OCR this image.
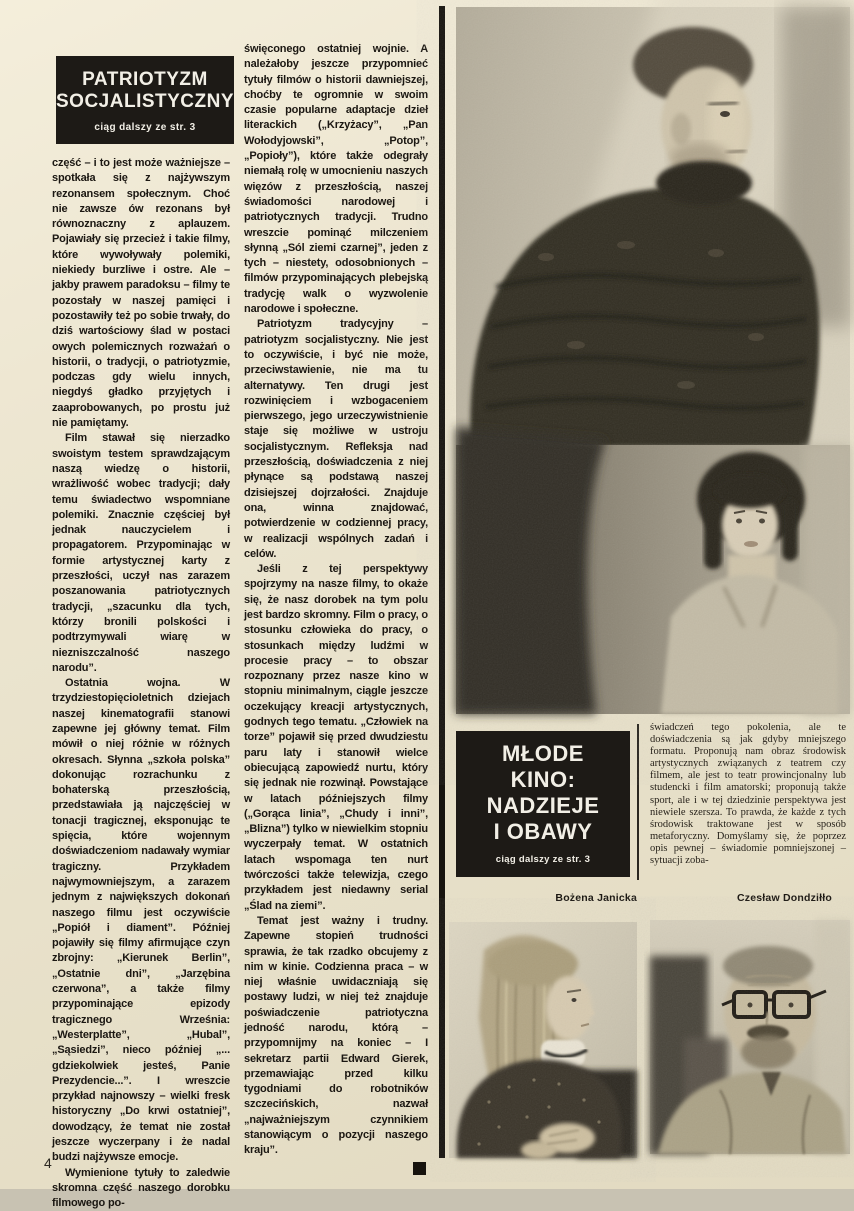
PATRIOTYZM
SOCJALISTYCZNY
ciąg dalszy ze str. 3

część – i to jest może ważniejsze – spotkała się z najżywszym rezonansem społecznym. Choć nie zawsze ów rezonans był równoznaczny z aplauzem. Pojawiały się przecież i takie filmy, które wywoływały polemiki, niekiedy burzliwe i ostre. Ale – jakby prawem paradoksu – filmy te pozostały w naszej pamięci i pozostawiły też po sobie trwały, do dziś wartościowy ślad w postaci owych polemicznych rozważań o historii, o tradycji, o patriotyzmie, podczas gdy wielu innych, niegdyś gładko przyjętych i zaaprobowanych, po prostu już nie pamiętamy.

Film stawał się nierzadko swoistym testem sprawdzającym naszą wiedzę o historii, wrażliwość wobec tradycji; dały temu świadectwo wspomniane polemiki. Znacznie częściej był jednak nauczycielem i propagatorem. Przypominając w formie artystycznej karty z przeszłości, uczył nas zarazem poszanowania patriotycznych tradycji, „szacunku dla tych, którzy bronili polskości i podtrzymywali wiarę w niezniszczalność naszego narodu”.

Ostatnia wojna. W trzydziestopięcioletnich dziejach naszej kinematografii stanowi zapewne jej główny temat. Film mówił o niej różnie w różnych okresach. Słynna „szkoła polska” dokonując rozrachunku z bohaterską przeszłością, przedstawiała ją najczęściej w tonacji tragicznej, eksponując te spięcia, które wojennym doświadczeniom nadawały wymiar tragiczny. Przykładem najwymowniejszym, a zarazem jednym z największych dokonań naszego filmu jest oczywiście „Popiół i diament”. Później pojawiły się filmy afirmujące czyn zbrojny: „Kierunek Berlin”, „Ostatnie dni”, „Jarzębina czerwona”, a także filmy przypominające epizody tragicznego Września: „Westerplatte”, „Hubal”, „Sąsiedzi”, nieco później „... gdziekolwiek jesteś, Panie Prezydencie...”. I wreszcie przykład najnowszy – wielki fresk historyczny „Do krwi ostatniej”, dowodzący, że temat nie został jeszcze wyczerpany i że nadal budzi najżywsze emocje.

Wymienione tytuły to zaledwie skromna część naszego dorobku filmowego po-

święconego ostatniej wojnie. A należałoby jeszcze przypomnieć tytuły filmów o historii dawniejszej, choćby te ogromnie w swoim czasie popularne adaptacje dzieł literackich („Krzyżacy”, „Pan Wołodyjowski”, „Potop”, „Popioły”), które także odegrały niemałą rolę w umocnieniu naszych więzów z przeszłością, naszej świadomości narodowej i patriotycznych tradycji. Trudno wreszcie pominąć milczeniem słynną „Sól ziemi czarnej”, jeden z tych – niestety, odosobnionych – filmów przypominających plebejską tradycję walk o wyzwolenie narodowe i społeczne.

Patriotyzm tradycyjny – patriotyzm socjalistyczny. Nie jest to oczywiście, i być nie może, przeciwstawienie, nie ma tu alternatywy. Ten drugi jest rozwinięciem i wzbogaceniem pierwszego, jego urzeczywistnienie staje się możliwe w ustroju socjalistycznym. Refleksja nad przeszłością, doświadczenia z niej płynące są podstawą naszej dzisiejszej dojrzałości. Znajduje ona, winna znajdować, potwierdzenie w codziennej pracy, w realizacji wspólnych zadań i celów.

Jeśli z tej perspektywy spojrzymy na nasze filmy, to okaże się, że nasz dorobek na tym polu jest bardzo skromny. Film o pracy, o stosunku człowieka do pracy, o stosunkach między ludźmi w procesie pracy – to obszar rozpoznany przez nasze kino w stopniu minimalnym, ciągle jeszcze oczekujący kreacji artystycznych, godnych tego tematu. „Człowiek na torze” pojawił się przed dwudziestu paru laty i stanowił wielce obiecującą zapowiedź nurtu, który się jednak nie rozwinął. Powstające w latach późniejszych filmy („Gorąca linia”, „Chudy i inni”, „Blizna”) tylko w niewielkim stopniu wyczerpały temat. W ostatnich latach wspomaga ten nurt twórczości także telewizja, czego przykładem jest niedawny serial „Ślad na ziemi”.

Temat jest ważny i trudny. Zapewne stopień trudności sprawia, że tak rzadko obcujemy z nim w kinie. Codzienna praca – w niej właśnie uwidaczniają się postawy ludzi, w niej też znajduje poświadczenie patriotyczna jedność narodu, którą – przypomnijmy na koniec – I sekretarz partii Edward Gierek, przemawiając przed kilku tygodniami do robotników szczecińskich, nazwał „najważniejszym czynnikiem stanowiącym o pozycji naszego kraju”.

MŁODE
KINO:
NADZIEJE
I OBAWY
ciąg dalszy ze str. 3

świadczeń tego pokolenia, ale te doświadczenia są jak gdyby mniejszego formatu. Proponują nam obraz środowisk artystycznych związanych z teatrem czy filmem, ale jest to teatr prowincjonalny lub studencki i film amatorski; proponują także sport, ale i w tej dziedzinie perspektywa jest niewiele szersza. To prawda, że każde z tych środowisk traktowane jest w sposób metaforyczny. Domyślamy się, że poprzez opis pewnej – świadomie pomniejszonej – sytuacji zoba-

Bożena Janicka	Czesław Dondziłło
4
